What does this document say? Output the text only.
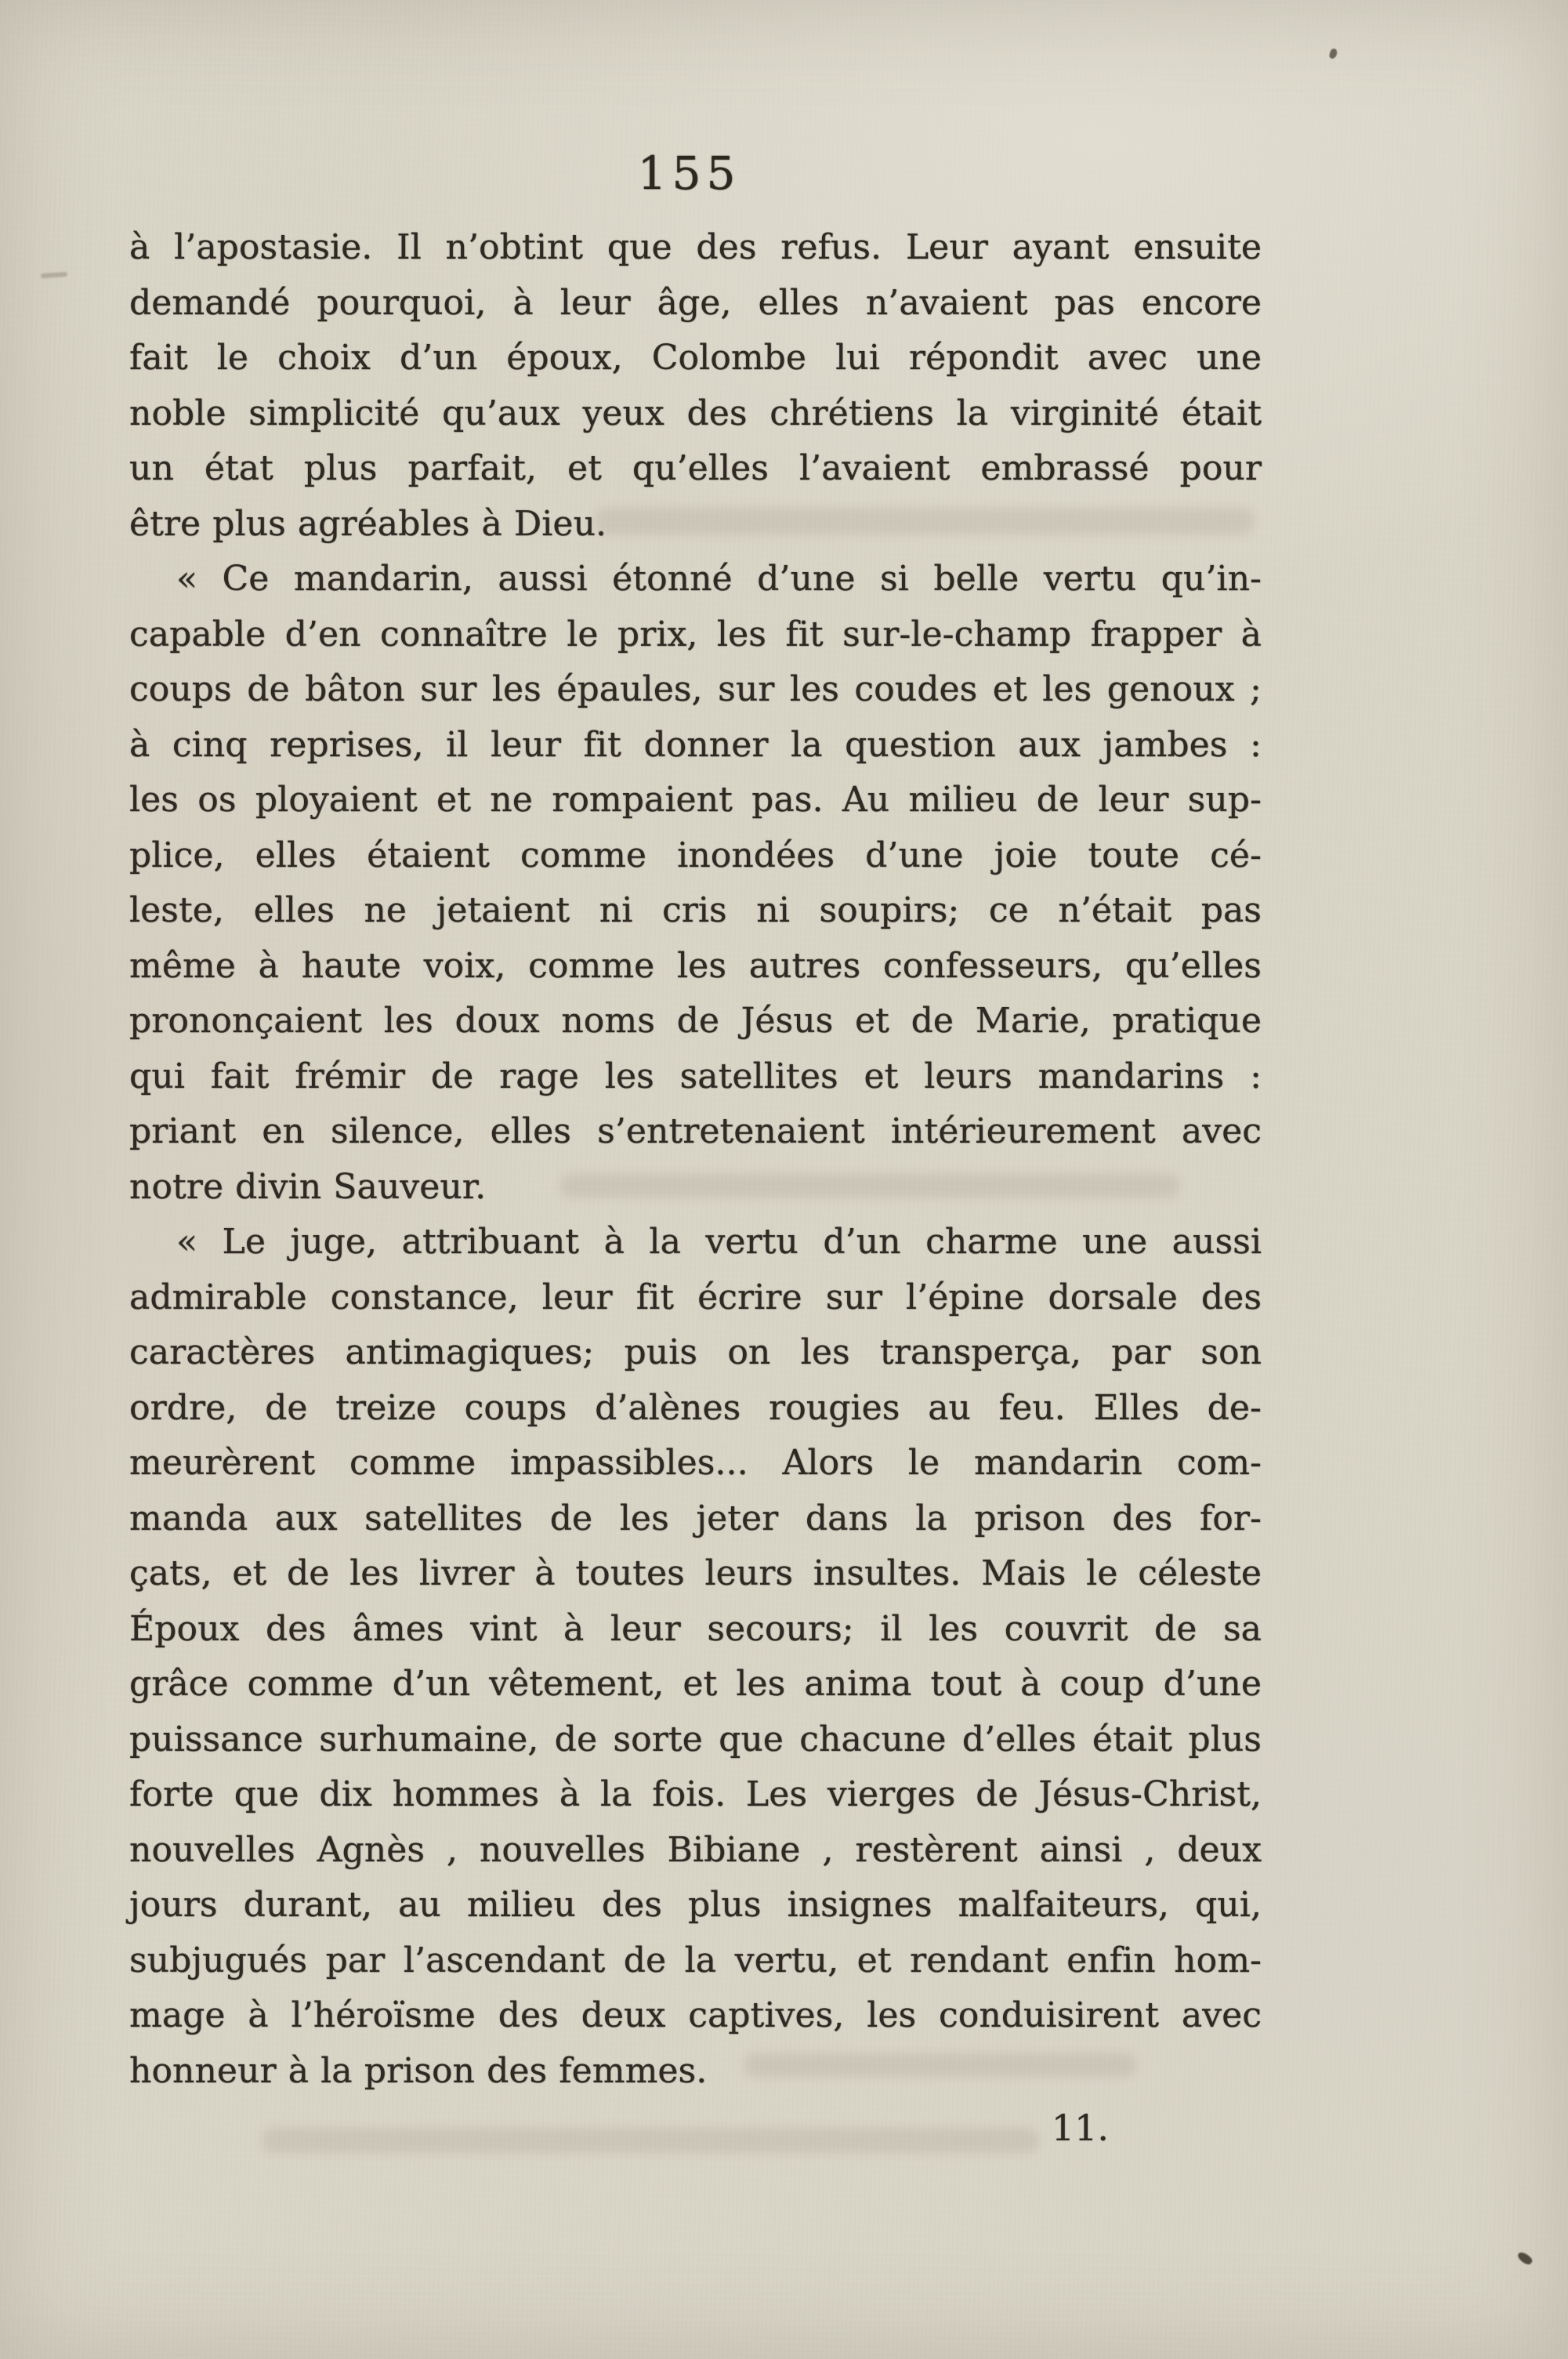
155
à l’apostasie. Il n’obtint que des refus. Leur ayant ensuite
demandé pourquoi, à leur âge, elles n’avaient pas encore
fait le choix d’un époux, Colombe lui répondit avec une
noble simplicité qu’aux yeux des chrétiens la virginité était
un état plus parfait, et qu’elles l’avaient embrassé pour
être plus agréables à Dieu.
« Ce mandarin, aussi étonné d’une si belle vertu qu’in-
capable d’en connaître le prix, les fit sur-le-champ frapper à
coups de bâton sur les épaules, sur les coudes et les genoux ;
à cinq reprises, il leur fit donner la question aux jambes :
les os ployaient et ne rompaient pas. Au milieu de leur sup-
plice, elles étaient comme inondées d’une joie toute cé-
leste, elles ne jetaient ni cris ni soupirs; ce n’était pas
même à haute voix, comme les autres confesseurs, qu’elles
prononçaient les doux noms de Jésus et de Marie, pratique
qui fait frémir de rage les satellites et leurs mandarins :
priant en silence, elles s’entretenaient intérieurement avec
notre divin Sauveur.
« Le juge, attribuant à la vertu d’un charme une aussi
admirable constance, leur fit écrire sur l’épine dorsale des
caractères antimagiques; puis on les transperça, par son
ordre, de treize coups d’alènes rougies au feu. Elles de-
meurèrent comme impassibles... Alors le mandarin com-
manda aux satellites de les jeter dans la prison des for-
çats, et de les livrer à toutes leurs insultes. Mais le céleste
Époux des âmes vint à leur secours; il les couvrit de sa
grâce comme d’un vêtement, et les anima tout à coup d’une
puissance surhumaine, de sorte que chacune d’elles était plus
forte que dix hommes à la fois. Les vierges de Jésus-Christ,
nouvelles Agnès , nouvelles Bibiane , restèrent ainsi , deux
jours durant, au milieu des plus insignes malfaiteurs, qui,
subjugués par l’ascendant de la vertu, et rendant enfin hom-
mage à l’héroïsme des deux captives, les conduisirent avec
honneur à la prison des femmes.
11.
